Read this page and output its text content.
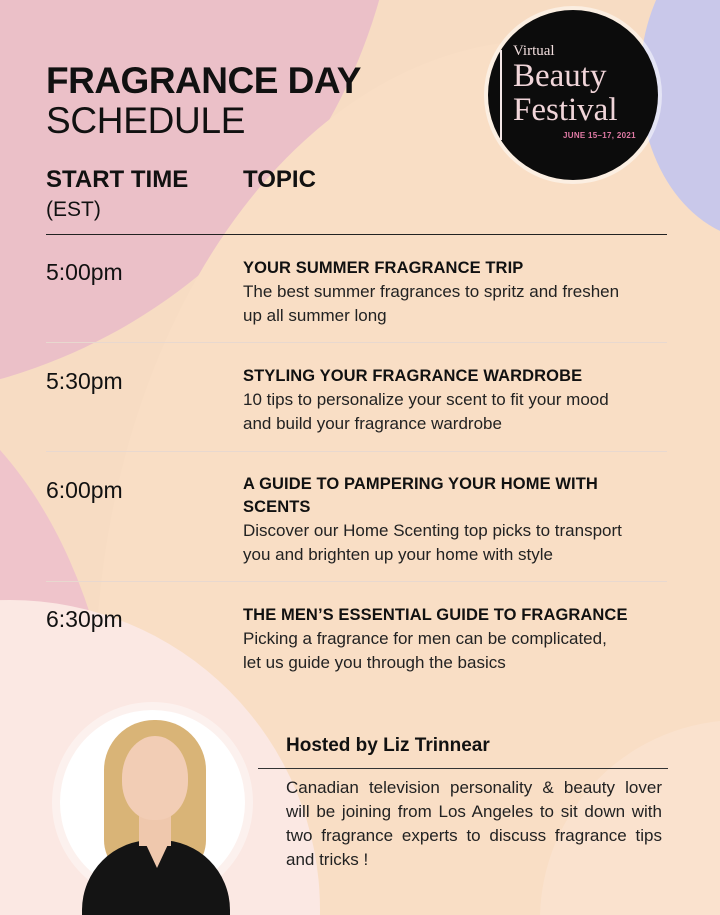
Virtual
Beauty
Festival
JUNE 15–17, 2021
FRAGRANCE DAY
SCHEDULE
START TIME
(EST)
TOPIC
5:00pm	YOUR SUMMER FRAGRANCE TRIP
The best summer fragrances to spritz and freshen
up all summer long
5:30pm	STYLING YOUR FRAGRANCE WARDROBE
10 tips to personalize your scent to fit your mood
and build your fragrance wardrobe
6:00pm	A GUIDE TO PAMPERING YOUR HOME WITH
SCENTS
Discover our Home Scenting top picks to transport
you and brighten up your home with style
6:30pm	THE MEN’S ESSENTIAL GUIDE TO FRAGRANCE
Picking a fragrance for men can be complicated,
let us guide you through the basics
Hosted by Liz Trinnear
Canadian television personality & beauty lover will be joining from Los Angeles to sit down with two fragrance experts to discuss fragrance tips and tricks !
